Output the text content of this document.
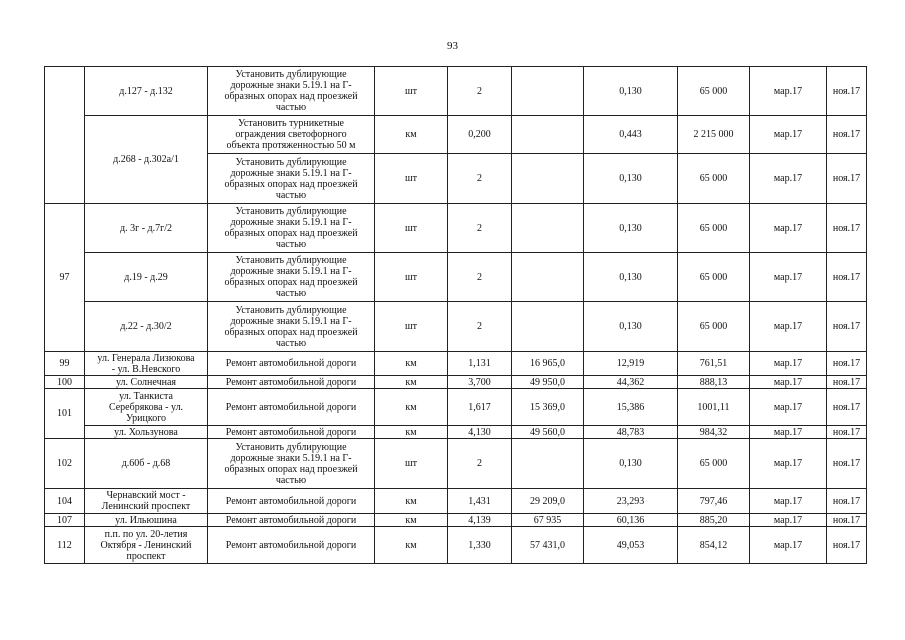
93
	д.127 - д.132	Установить дублирующие
дорожные знаки 5.19.1 на Г-
образных опорах над проезжей
частью	шт	2		0,130	65 000	мар.17	ноя.17
	д.268 - д.302а/1	Установить турникетные
ограждения светофорного
объекта протяженностью 50 м	км	0,200		0,443	2 215 000	мар.17	ноя.17
		Установить дублирующие
дорожные знаки 5.19.1 на Г-
образных опорах над проезжей
частью	шт	2		0,130	65 000	мар.17	ноя.17
97	д. 3г - д.7г/2	Установить дублирующие
дорожные знаки 5.19.1 на Г-
образных опорах над проезжей
частью	шт	2		0,130	65 000	мар.17	ноя.17
	д.19 - д.29	Установить дублирующие
дорожные знаки 5.19.1 на Г-
образных опорах над проезжей
частью	шт	2		0,130	65 000	мар.17	ноя.17
	д.22 - д.30/2	Установить дублирующие
дорожные знаки 5.19.1 на Г-
образных опорах над проезжей
частью	шт	2		0,130	65 000	мар.17	ноя.17
99	ул. Генерала Лизюкова
- ул. В.Невского	Ремонт автомобильной дороги	км	1,131	16 965,0	12,919	761,51	мар.17	ноя.17
100	ул. Солнечная	Ремонт автомобильной дороги	км	3,700	49 950,0	44,362	888,13	мар.17	ноя.17
101	ул. Танкиста
Серебрякова - ул.
Урицкого	Ремонт автомобильной дороги	км	1,617	15 369,0	15,386	1001,11	мар.17	ноя.17
	ул. Хользунова	Ремонт автомобильной дороги	км	4,130	49 560,0	48,783	984,32	мар.17	ноя.17
102	д.60б - д.68	Установить дублирующие
дорожные знаки 5.19.1 на Г-
образных опорах над проезжей
частью	шт	2		0,130	65 000	мар.17	ноя.17
104	Чернавский мост -
Ленинский проспект	Ремонт автомобильной дороги	км	1,431	29 209,0	23,293	797,46	мар.17	ноя.17
107	ул. Ильюшина	Ремонт автомобильной дороги	км	4,139	67 935	60,136	885,20	мар.17	ноя.17
112	п.п. по ул. 20-летия
Октября - Ленинский
проспект	Ремонт автомобильной дороги	км	1,330	57 431,0	49,053	854,12	мар.17	ноя.17
